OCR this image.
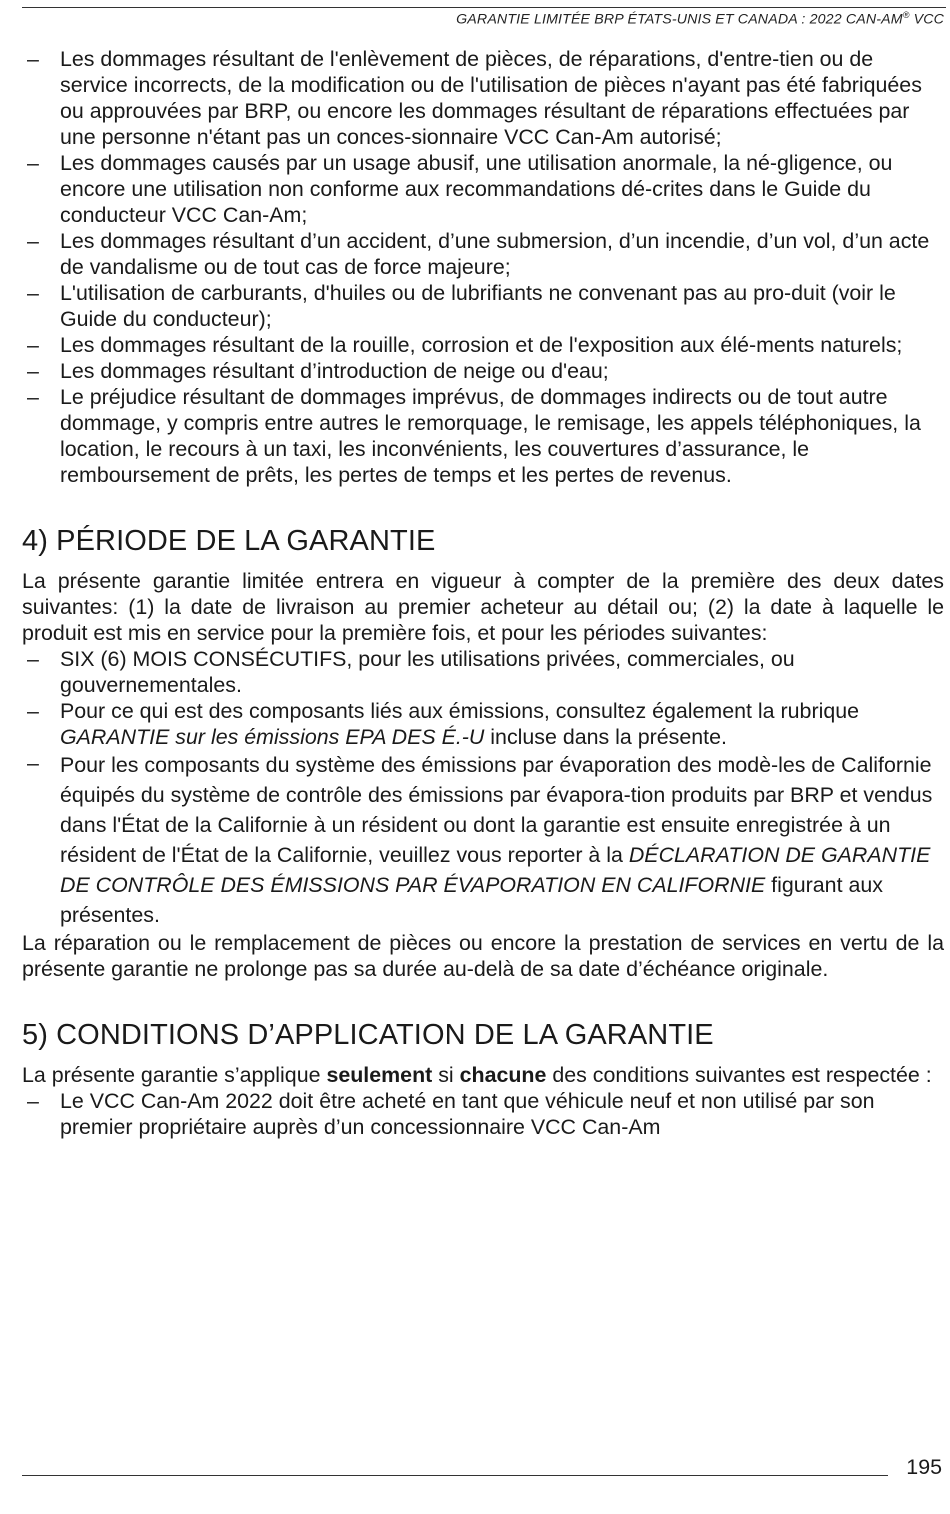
GARANTIE LIMITÉE BRP ÉTATS-UNIS ET CANADA : 2022 CAN-AM® VCC
– Les dommages résultant de l'enlèvement de pièces, de réparations, d'entre-tien ou de service incorrects, de la modification ou de l'utilisation de pièces n'ayant pas été fabriquées ou approuvées par BRP, ou encore les dommages résultant de réparations effectuées par une personne n'étant pas un conces-sionnaire VCC Can-Am autorisé;
– Les dommages causés par un usage abusif, une utilisation anormale, la né-gligence, ou encore une utilisation non conforme aux recommandations dé-crites dans le Guide du conducteur VCC Can-Am;
– Les dommages résultant d’un accident, d’une submersion, d’un incendie, d’un vol, d’un acte de vandalisme ou de tout cas de force majeure;
– L'utilisation de carburants, d'huiles ou de lubrifiants ne convenant pas au pro-duit (voir le Guide du conducteur);
– Les dommages résultant de la rouille, corrosion et de l'exposition aux élé-ments naturels;
– Les dommages résultant d’introduction de neige ou d'eau;
– Le préjudice résultant de dommages imprévus, de dommages indirects ou de tout autre dommage, y compris entre autres le remorquage, le remisage, les appels téléphoniques, la location, le recours à un taxi, les inconvénients, les couvertures d’assurance, le remboursement de prêts, les pertes de temps et les pertes de revenus.
4) PÉRIODE DE LA GARANTIE

La présente garantie limitée entrera en vigueur à compter de la première des deux dates suivantes: (1) la date de livraison au premier acheteur au détail ou; (2) la date à laquelle le produit est mis en service pour la première fois, et pour les périodes suivantes:

– SIX (6) MOIS CONSÉCUTIFS, pour les utilisations privées, commerciales, ou gouvernementales.
– Pour ce qui est des composants liés aux émissions, consultez également la rubrique GARANTIE sur les émissions EPA DES É.-U incluse dans la présente.
– Pour les composants du système des émissions par évaporation des modè-les de Californie équipés du système de contrôle des émissions par évapora-tion produits par BRP et vendus dans l'État de la Californie à un résident ou dont la garantie est ensuite enregistrée à un résident de l'État de la Californie, veuillez vous reporter à la DÉCLARATION DE GARANTIE DE CONTRÔLE DES ÉMISSIONS PAR ÉVAPORATION EN CALIFORNIE figurant aux présentes.

La réparation ou le remplacement de pièces ou encore la prestation de services en vertu de la présente garantie ne prolonge pas sa durée au-delà de sa date d’échéance originale.

5) CONDITIONS D’APPLICATION DE LA GARANTIE

La présente garantie s’applique seulement si chacune des conditions suivantes est respectée :

– Le VCC Can-Am 2022 doit être acheté en tant que véhicule neuf et non utilisé par son premier propriétaire auprès d’un concessionnaire VCC Can-Am
195
